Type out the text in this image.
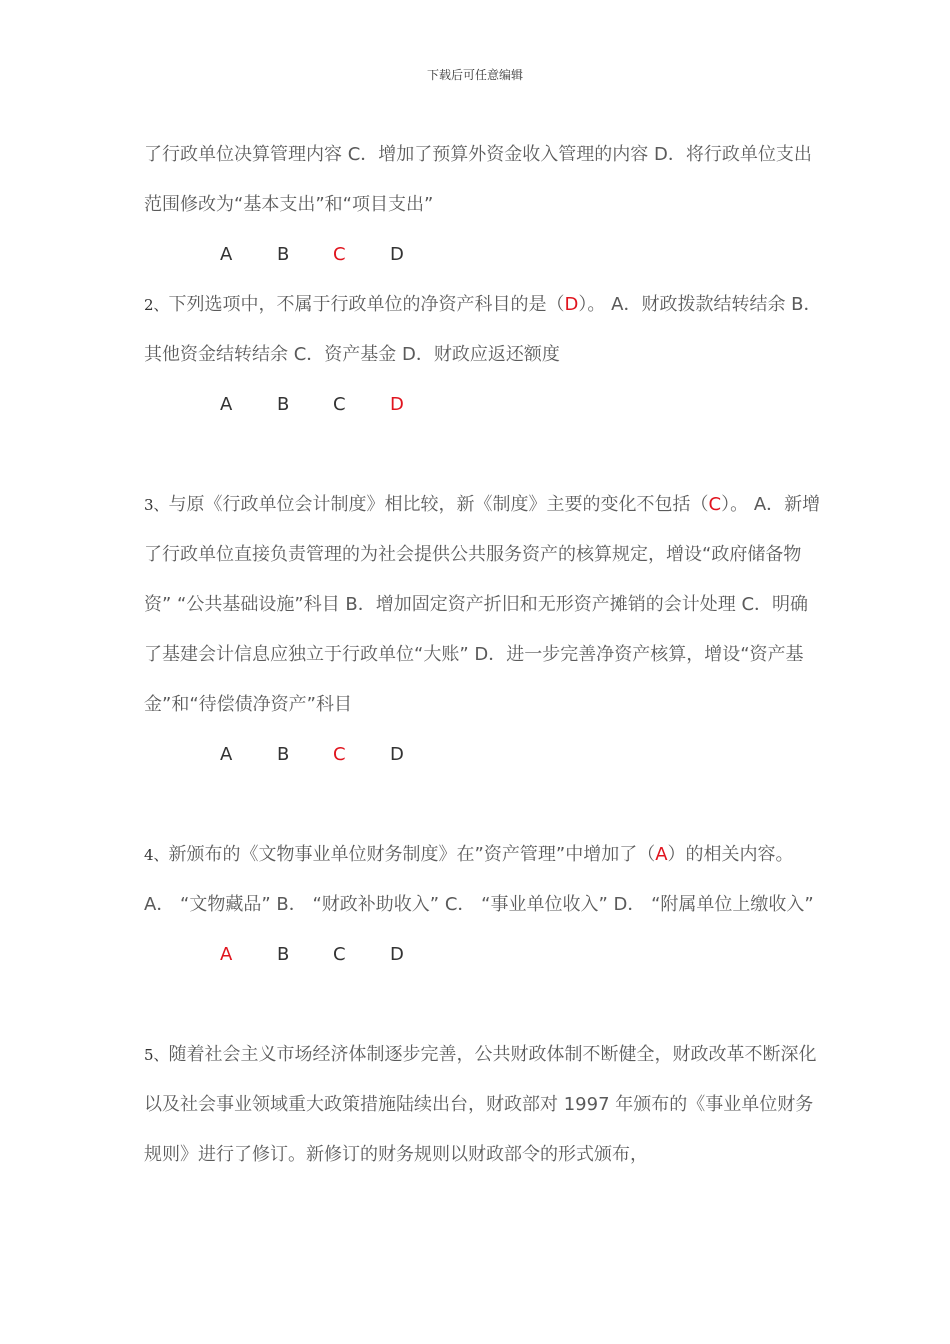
下载后可任意编辑

了行政单位决算管理内容 C．增加了预算外资金收入管理的内容 D．将行政单位支出范围修改为“基本支出”和“项目支出”

A B C D

2、下列选项中，不属于行政单位的净资产科目的是（D）。 A．财政拨款结转结余 B．其他资金结转结余 C．资产基金 D．财政应返还额度

A B C D

3、与原《行政单位会计制度》相比较，新《制度》主要的变化不包括（C）。 A．新增了行政单位直接负责管理的为社会提供公共服务资产的核算规定，增设“政府储备物资” “公共基础设施”科目 B．增加固定资产折旧和无形资产摊销的会计处理 C．明确了基建会计信息应独立于行政单位“大账” D．进一步完善净资产核算，增设“资产基金”和“待偿债净资产”科目

A B C D

4、新颁布的《文物事业单位财务制度》在”资产管理”中增加了（A）的相关内容。 A． “文物藏品” B． “财政补助收入” C． “事业单位收入” D． “附属单位上缴收入”

A B C D

5、随着社会主义市场经济体制逐步完善，公共财政体制不断健全，财政改革不断深化以及社会事业领域重大政策措施陆续出台，财政部对 1997 年颁布的《事业单位财务规则》进行了修订。新修订的财务规则以财政部令的形式颁布，
